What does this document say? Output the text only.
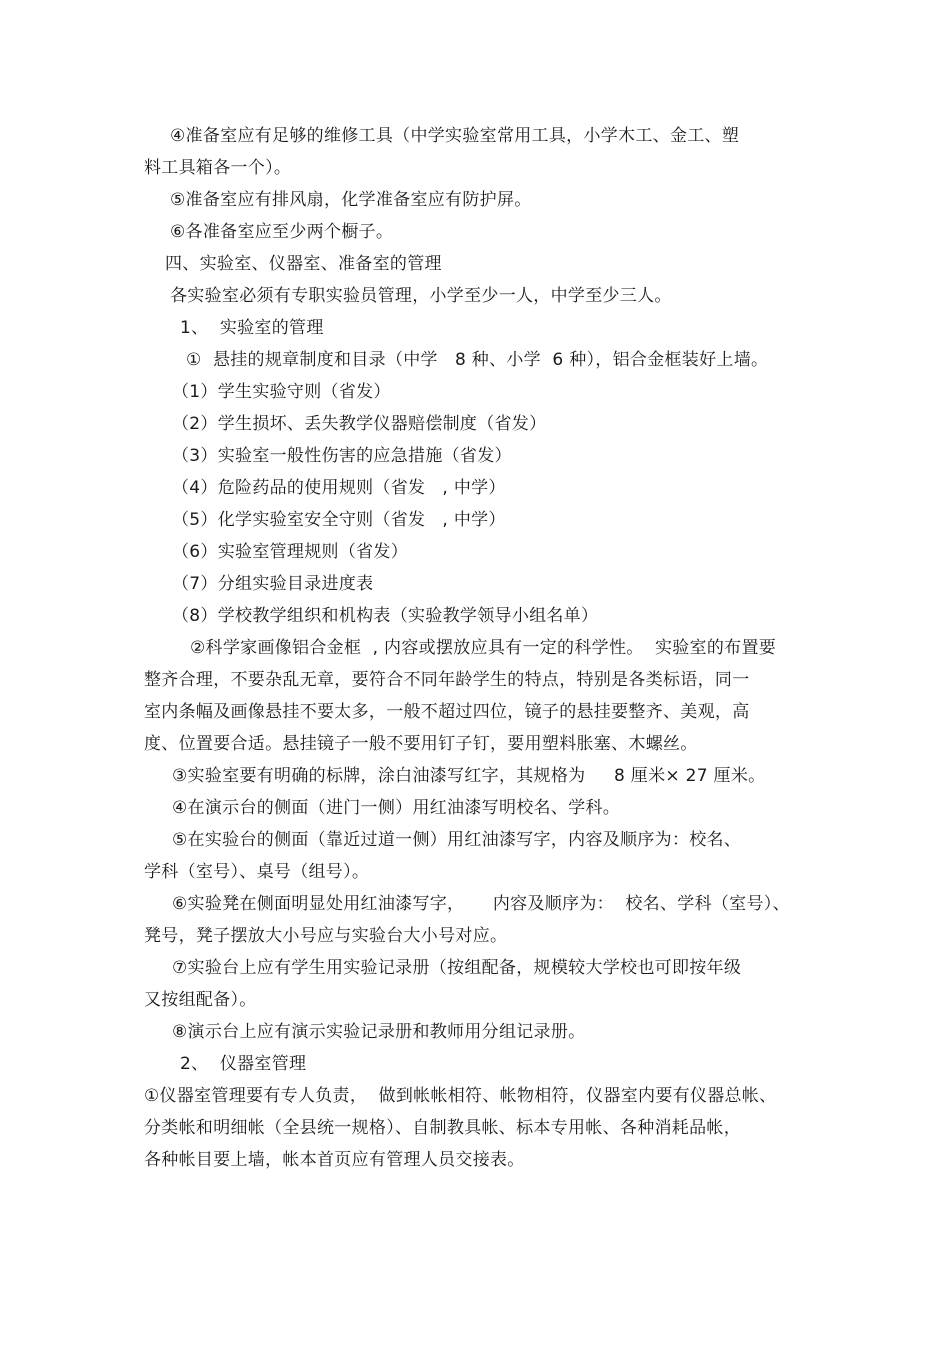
④准备室应有足够的维修工具（中学实验室常用工具，小学木工、金工、塑
料工具箱各一个）。
⑤准备室应有排风扇，化学准备室应有防护屏。
⑥各准备室应至少两个橱子。
四、实验室、仪器室、准备室的管理
各实验室必须有专职实验员管理，小学至少一人，中学至少三人。
1、  实验室的管理
①  悬挂的规章制度和目录（中学   8 种、小学  6 种），铝合金框装好上墙。
（1）学生实验守则（省发）
（2）学生损坏、丢失教学仪器赔偿制度（省发）
（3）实验室一般性伤害的应急措施（省发）
（4）危险药品的使用规则（省发   , 中学）
（5）化学实验室安全守则（省发   , 中学）
（6）实验室管理规则（省发）
（7）分组实验目录进度表
（8）学校教学组织和机构表（实验教学领导小组名单）
②科学家画像铝合金框  , 内容或摆放应具有一定的科学性。  实验室的布置要
整齐合理，不要杂乱无章，要符合不同年龄学生的特点，特别是各类标语，同一
室内条幅及画像悬挂不要太多，一般不超过四位，镜子的悬挂要整齐、美观，高
度、位置要合适。悬挂镜子一般不要用钉子钉，要用塑料胀塞、木螺丝。
③实验室要有明确的标牌，涂白油漆写红字，其规格为     8 厘米× 27 厘米。
④在演示台的侧面（进门一侧）用红油漆写明校名、学科。
⑤在实验台的侧面（靠近过道一侧）用红油漆写字，内容及顺序为：校名、
学科（室号）、桌号（组号）。
⑥实验凳在侧面明显处用红油漆写字，     内容及顺序为：  校名、学科（室号）、
凳号，凳子摆放大小号应与实验台大小号对应。
⑦实验台上应有学生用实验记录册（按组配备，规模较大学校也可即按年级
又按组配备）。
⑧演示台上应有演示实验记录册和教师用分组记录册。
2、  仪器室管理
①仪器室管理要有专人负责，  做到帐帐相符、帐物相符，仪器室内要有仪器总帐、
分类帐和明细帐（全县统一规格）、自制教具帐、标本专用帐、各种消耗品帐，
各种帐目要上墙，帐本首页应有管理人员交接表。
